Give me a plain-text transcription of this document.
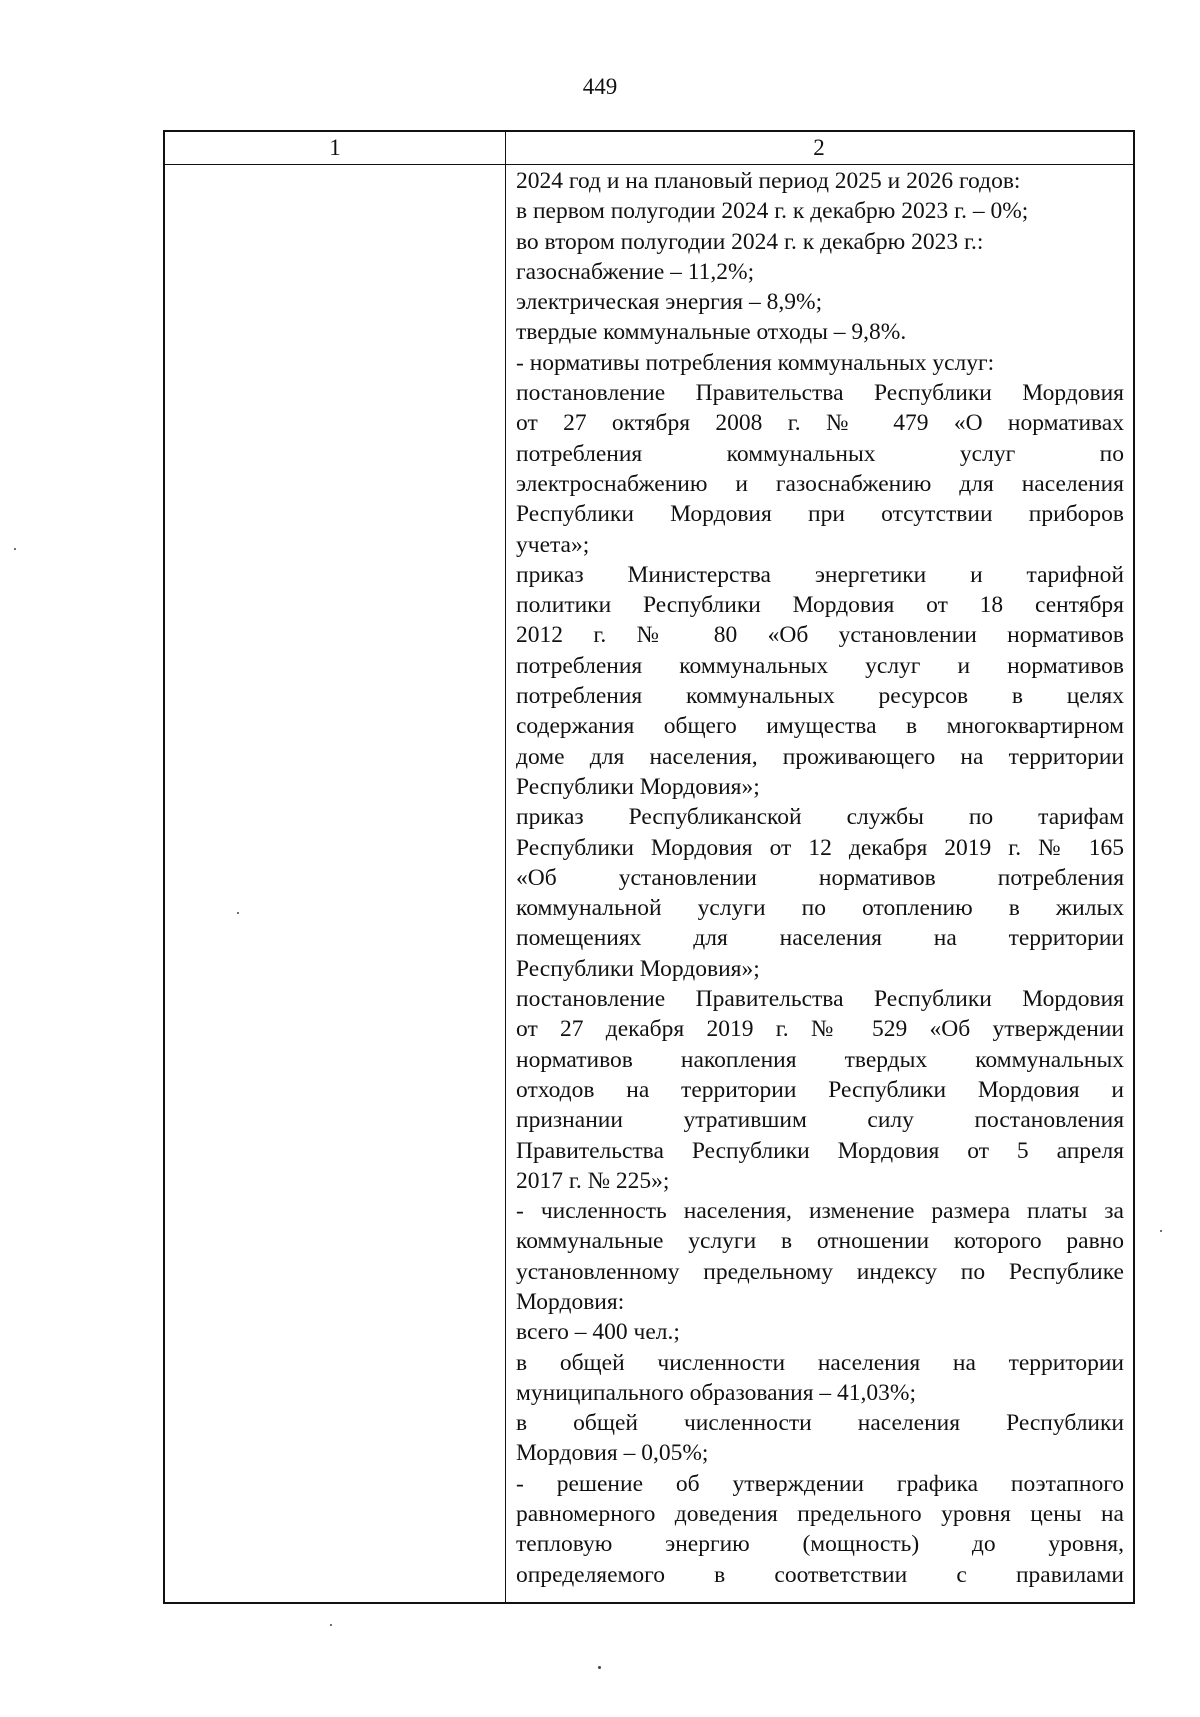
449
1	2
2024 год и на плановый период 2025 и 2026 годов:
в первом полугодии 2024 г. к декабрю 2023 г. – 0%;
во втором полугодии 2024 г. к декабрю 2023 г.:
газоснабжение – 11,2%;
электрическая энергия – 8,9%;
твердые коммунальные отходы – 9,8%.
- нормативы потребления коммунальных услуг:
постановление Правительства Республики Мордовия
от 27 октября 2008 г. № 479 «О нормативах
потребления коммунальных услуг по
электроснабжению и газоснабжению для населения
Республики Мордовия при отсутствии приборов
учета»;
приказ Министерства энергетики и тарифной
политики Республики Мордовия от 18 сентября
2012 г. № 80 «Об установлении нормативов
потребления коммунальных услуг и нормативов
потребления коммунальных ресурсов в целях
содержания общего имущества в многоквартирном
доме для населения, проживающего на территории
Республики Мордовия»;
приказ Республиканской службы по тарифам
Республики Мордовия от 12 декабря 2019 г. № 165
«Об установлении нормативов потребления
коммунальной услуги по отоплению в жилых
помещениях для населения на территории
Республики Мордовия»;
постановление Правительства Республики Мордовия
от 27 декабря 2019 г. № 529 «Об утверждении
нормативов накопления твердых коммунальных
отходов на территории Республики Мордовия и
признании утратившим силу постановления
Правительства Республики Мордовия от 5 апреля
2017 г. № 225»;
- численность населения, изменение размера платы за
коммунальные услуги в отношении которого равно
установленному предельному индексу по Республике
Мордовия:
всего – 400 чел.;
в общей численности населения на территории
муниципального образования – 41,03%;
в общей численности населения Республики
Мордовия – 0,05%;
- решение об утверждении графика поэтапного
равномерного доведения предельного уровня цены на
тепловую энергию (мощность) до уровня,
определяемого в соответствии с правилами
